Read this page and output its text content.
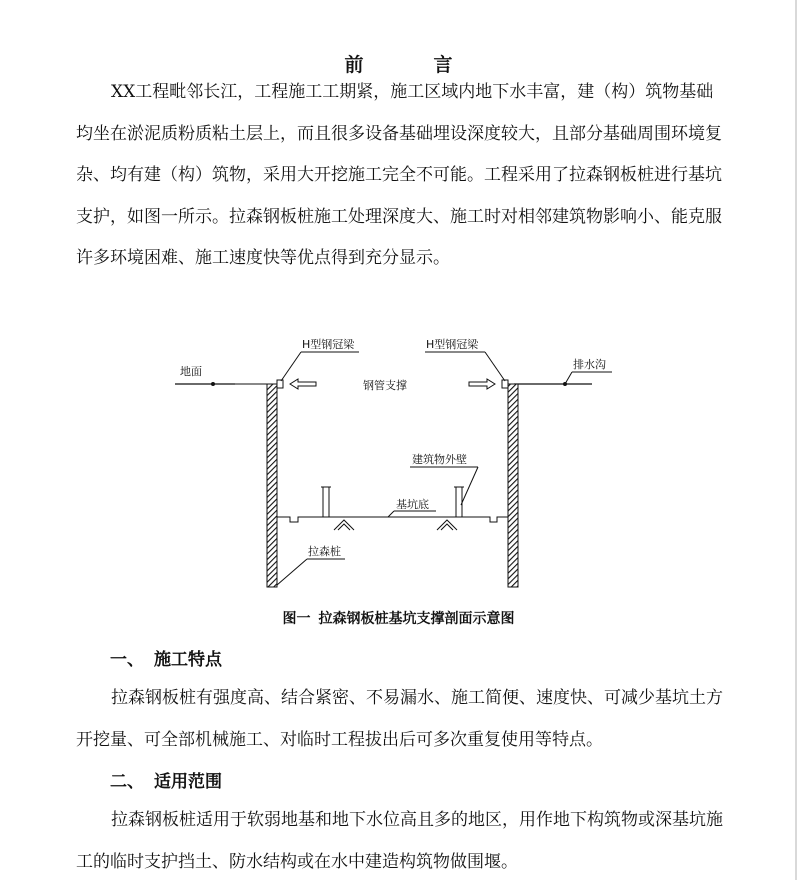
前	言

XX工程毗邻长江，工程施工工期紧，施工区域内地下水丰富，建（构）筑物基础均坐在淤泥质粉质粘土层上，而且很多设备基础埋设深度较大，且部分基础周围环境复杂、均有建（构）筑物，采用大开挖施工完全不可能。工程采用了拉森钢板桩进行基坑支护，如图一所示。拉森钢板桩施工处理深度大、施工时对相邻建筑物影响小、能克服许多环境困难、施工速度快等优点得到充分显示。

地面
H型钢冠梁	H型钢冠梁
排水沟
钢管支撑
建筑物外壁
基坑底
拉森桩
图一 拉森钢板桩基坑支撑剖面示意图
一、 施工特点

拉森钢板桩有强度高、结合紧密、不易漏水、施工简便、速度快、可减少基坑土方开挖量、可全部机械施工、对临时工程拔出后可多次重复使用等特点。

二、 适用范围

拉森钢板桩适用于软弱地基和地下水位高且多的地区，用作地下构筑物或深基坑施工的临时支护挡土、防水结构或在水中建造构筑物做围堰。
